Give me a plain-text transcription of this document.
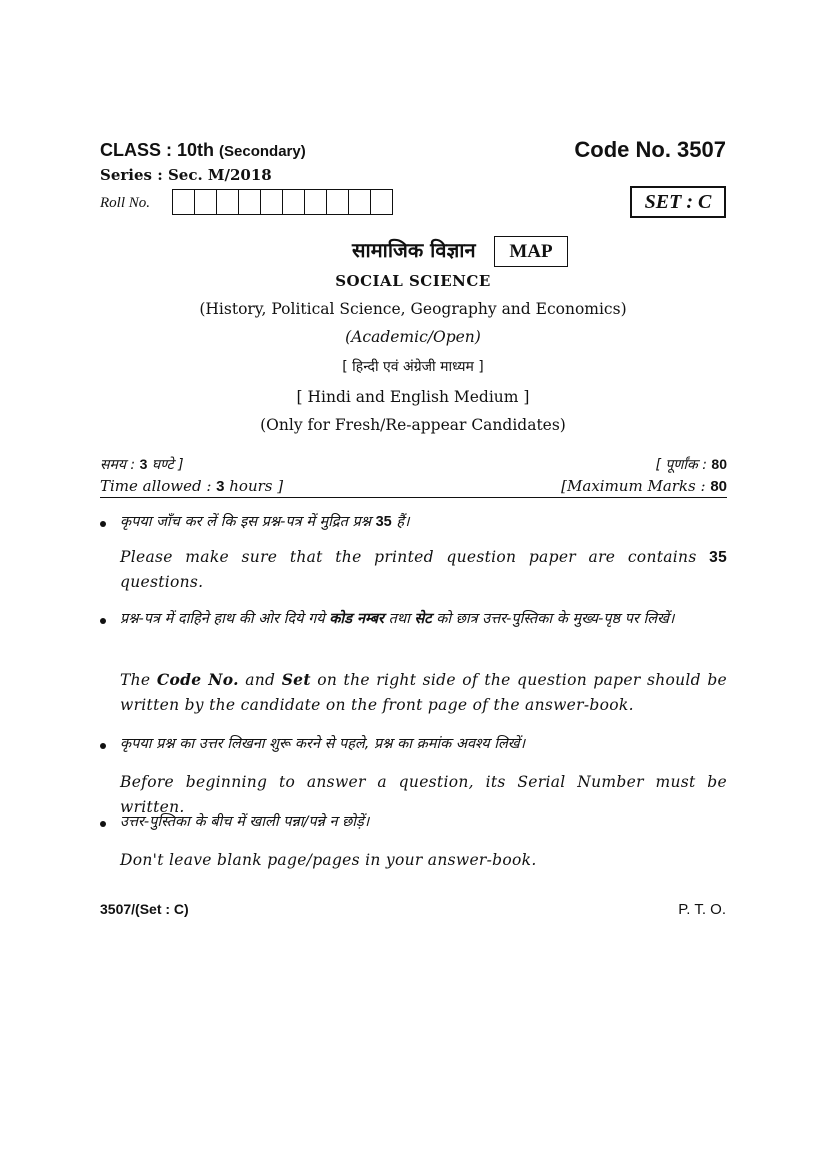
CLASS : 10th (Secondary)	Code No. 3507
Series : Sec. M/2018
Roll No.	SET : C
सामाजिक विज्ञान	MAP
SOCIAL SCIENCE
(History, Political Science, Geography and Economics)
(Academic/Open)
[ हिन्दी एवं अंग्रेजी माध्यम ]
[ Hindi and English Medium ]
(Only for Fresh/Re-appear Candidates)
समय : 3 घण्टे ]	[ पूर्णांक : 80
Time allowed : 3 hours ]	[Maximum Marks : 80
कृपया जाँच कर लें कि इस प्रश्न-पत्र में मुद्रित प्रश्न 35 हैं।
Please make sure that the printed question paper are contains 35 questions.
प्रश्न-पत्र में दाहिने हाथ की ओर दिये गये कोड नम्बर तथा सेट को छात्र उत्तर-पुस्तिका के मुख्य-पृष्ठ पर लिखें।
The Code No. and Set on the right side of the question paper should be written by the candidate on the front page of the answer-book.
कृपया प्रश्न का उत्तर लिखना शुरू करने से पहले, प्रश्न का क्रमांक अवश्य लिखें।
Before beginning to answer a question, its Serial Number must be written.
उत्तर-पुस्तिका के बीच में खाली पन्ना/पन्ने न छोड़ें।
Don't leave blank page/pages in your answer-book.
3507/(Set : C)	P. T. O.
